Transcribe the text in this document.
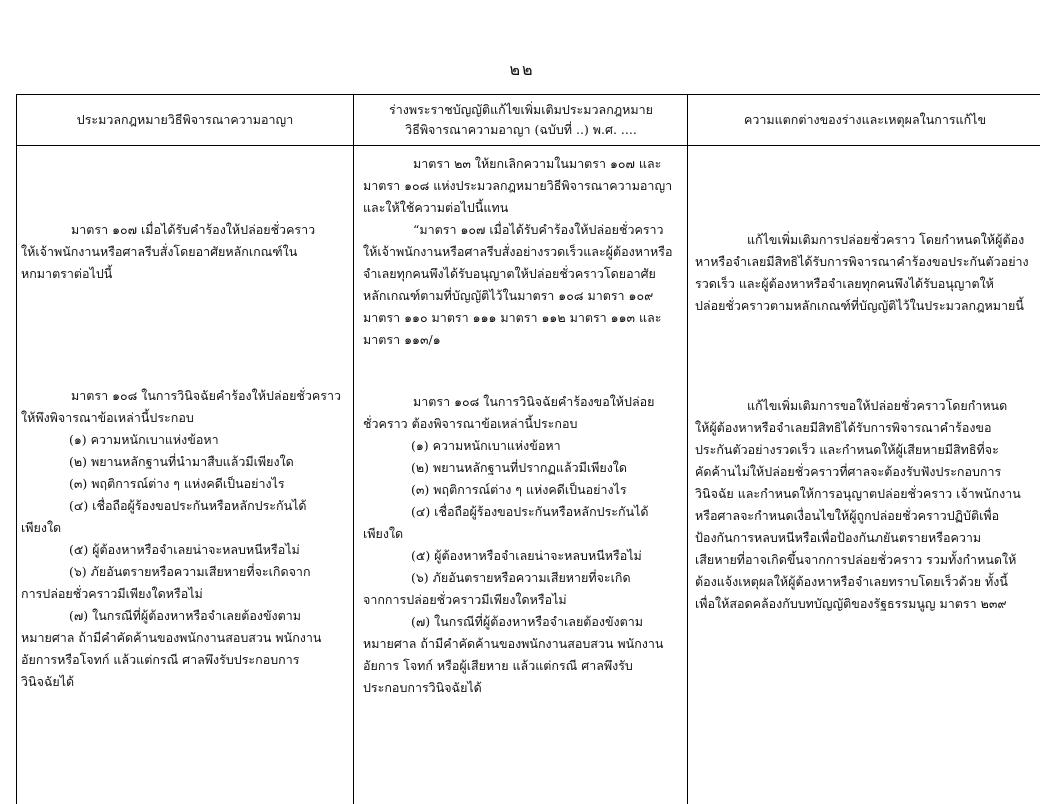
๒๒
ประมวลกฎหมายวิธีพิจารณาความอาญา
ร่างพระราชบัญญัติแก้ไขเพิ่มเติมประมวลกฎหมาย
วิธีพิจารณาความอาญา (ฉบับที่ ..) พ.ศ. ....
ความแตกต่างของร่างและเหตุผลในการแก้ไข

มาตรา ๑๐๗ เมื่อได้รับคำร้องให้ปล่อยชั่วคราว

ให้เจ้าพนักงานหรือศาลรีบสั่งโดยอาศัยหลักเกณฑ์ใน

หกมาตราต่อไปนี้

มาตรา ๑๐๘ ในการวินิจฉัยคำร้องให้ปล่อยชั่วคราว

ให้พึงพิจารณาข้อเหล่านี้ประกอบ

(๑) ความหนักเบาแห่งข้อหา

(๒) พยานหลักฐานที่นำมาสืบแล้วมีเพียงใด

(๓) พฤติการณ์ต่าง ๆ แห่งคดีเป็นอย่างไร

(๔) เชื่อถือผู้ร้องขอประกันหรือหลักประกันได้

เพียงใด

(๕) ผู้ต้องหาหรือจำเลยน่าจะหลบหนีหรือไม่

(๖) ภัยอันตรายหรือความเสียหายที่จะเกิดจาก

การปล่อยชั่วคราวมีเพียงใดหรือไม่

(๗) ในกรณีที่ผู้ต้องหาหรือจำเลยต้องขังตาม

หมายศาล ถ้ามีคำคัดค้านของพนักงานสอบสวน พนักงาน

อัยการหรือโจทก์ แล้วแต่กรณี ศาลพึงรับประกอบการ

วินิจฉัยได้

มาตรา ๒๓ ให้ยกเลิกความในมาตรา ๑๐๗ และ

มาตรา ๑๐๘ แห่งประมวลกฎหมายวิธีพิจารณาความอาญา

และให้ใช้ความต่อไปนี้แทน

“มาตรา ๑๐๗ เมื่อได้รับคำร้องให้ปล่อยชั่วคราว

ให้เจ้าพนักงานหรือศาลรีบสั่งอย่างรวดเร็วและผู้ต้องหาหรือ

จำเลยทุกคนพึงได้รับอนุญาตให้ปล่อยชั่วคราวโดยอาศัย

หลักเกณฑ์ตามที่บัญญัติไว้ในมาตรา ๑๐๘ มาตรา ๑๐๙

มาตรา ๑๑๐ มาตรา ๑๑๑ มาตรา ๑๑๒ มาตรา ๑๑๓ และ

มาตรา ๑๑๓/๑

มาตรา ๑๐๘ ในการวินิจฉัยคำร้องขอให้ปล่อย

ชั่วคราว ต้องพิจารณาข้อเหล่านี้ประกอบ

(๑) ความหนักเบาแห่งข้อหา

(๒) พยานหลักฐานที่ปรากฏแล้วมีเพียงใด

(๓) พฤติการณ์ต่าง ๆ แห่งคดีเป็นอย่างไร

(๔) เชื่อถือผู้ร้องขอประกันหรือหลักประกันได้

เพียงใด

(๕) ผู้ต้องหาหรือจำเลยน่าจะหลบหนีหรือไม่

(๖) ภัยอันตรายหรือความเสียหายที่จะเกิด

จากการปล่อยชั่วคราวมีเพียงใดหรือไม่

(๗) ในกรณีที่ผู้ต้องหาหรือจำเลยต้องขังตาม

หมายศาล ถ้ามีคำคัดค้านของพนักงานสอบสวน พนักงาน

อัยการ โจทก์ หรือผู้เสียหาย แล้วแต่กรณี ศาลพึงรับ

ประกอบการวินิจฉัยได้

แก้ไขเพิ่มเติมการปล่อยชั่วคราว โดยกำหนดให้ผู้ต้อง

หาหรือจำเลยมีสิทธิได้รับการพิจารณาคำร้องขอประกันตัวอย่าง

รวดเร็ว และผู้ต้องหาหรือจำเลยทุกคนพึงได้รับอนุญาตให้

ปล่อยชั่วคราวตามหลักเกณฑ์ที่บัญญัติไว้ในประมวลกฎหมายนี้

แก้ไขเพิ่มเติมการขอให้ปล่อยชั่วคราวโดยกำหนด

ให้ผู้ต้องหาหรือจำเลยมีสิทธิได้รับการพิจารณาคำร้องขอ

ประกันตัวอย่างรวดเร็ว และกำหนดให้ผู้เสียหายมีสิทธิที่จะ

คัดค้านไม่ให้ปล่อยชั่วคราวที่ศาลจะต้องรับฟังประกอบการ

วินิจฉัย และกำหนดให้การอนุญาตปล่อยชั่วคราว เจ้าพนักงาน

หรือศาลจะกำหนดเงื่อนไขให้ผู้ถูกปล่อยชั่วคราวปฏิบัติเพื่อ

ป้องกันการหลบหนีหรือเพื่อป้องกันภยันตรายหรือความ

เสียหายที่อาจเกิดขึ้นจากการปล่อยชั่วคราว รวมทั้งกำหนดให้

ต้องแจ้งเหตุผลให้ผู้ต้องหาหรือจำเลยทราบโดยเร็วด้วย ทั้งนี้

เพื่อให้สอดคล้องกับบทบัญญัติของรัฐธรรมนูญ มาตรา ๒๓๙
